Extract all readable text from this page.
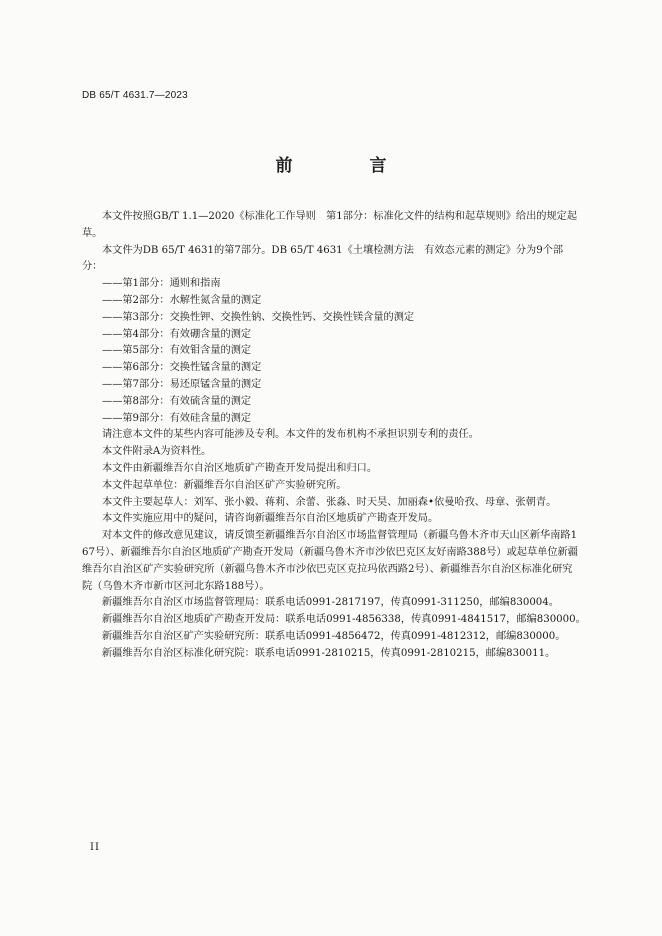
DB 65/T 4631.7—2023
前　言

本文件按照GB/T 1.1—2020《标准化工作导则　第1部分：标准化文件的结构和起草规则》给出的规定起草。

本文件为DB 65/T 4631的第7部分。DB 65/T 4631《土壤检测方法　有效态元素的测定》分为9个部分：

——第1部分：通则和指南
——第2部分：水解性氮含量的测定
——第3部分：交换性钾、交换性钠、交换性钙、交换性镁含量的测定
——第4部分：有效硼含量的测定
——第5部分：有效钼含量的测定
——第6部分：交换性锰含量的测定
——第7部分：易还原锰含量的测定
——第8部分：有效硫含量的测定
——第9部分：有效硅含量的测定

请注意本文件的某些内容可能涉及专利。本文件的发布机构不承担识别专利的责任。

本文件附录A为资料性。

本文件由新疆维吾尔自治区地质矿产勘查开发局提出和归口。

本文件起草单位：新疆维吾尔自治区矿产实验研究所。

本文件主要起草人：刘军、张小毅、蒋莉、余蕾、张淼、时天昊、加丽森•依曼哈孜、母章、张朝青。

本文件实施应用中的疑问，请咨询新疆维吾尔自治区地质矿产勘查开发局。

对本文件的修改意见建议，请反馈至新疆维吾尔自治区市场监督管理局（新疆乌鲁木齐市天山区新华南路167号）、新疆维吾尔自治区地质矿产勘查开发局（新疆乌鲁木齐市沙依巴克区友好南路388号）或起草单位新疆维吾尔自治区矿产实验研究所（新疆乌鲁木齐市沙依巴克区克拉玛依西路2号）、新疆维吾尔自治区标准化研究院（乌鲁木齐市新市区河北东路188号）。

新疆维吾尔自治区市场监督管理局：联系电话0991-2817197，传真0991-311250，邮编830004。
新疆维吾尔自治区地质矿产勘查开发局：联系电话0991-4856338，传真0991-4841517，邮编830000。
新疆维吾尔自治区矿产实验研究所：联系电话0991-4856472，传真0991-4812312，邮编830000。
新疆维吾尔自治区标准化研究院：联系电话0991-2810215，传真0991-2810215，邮编830011。
II
